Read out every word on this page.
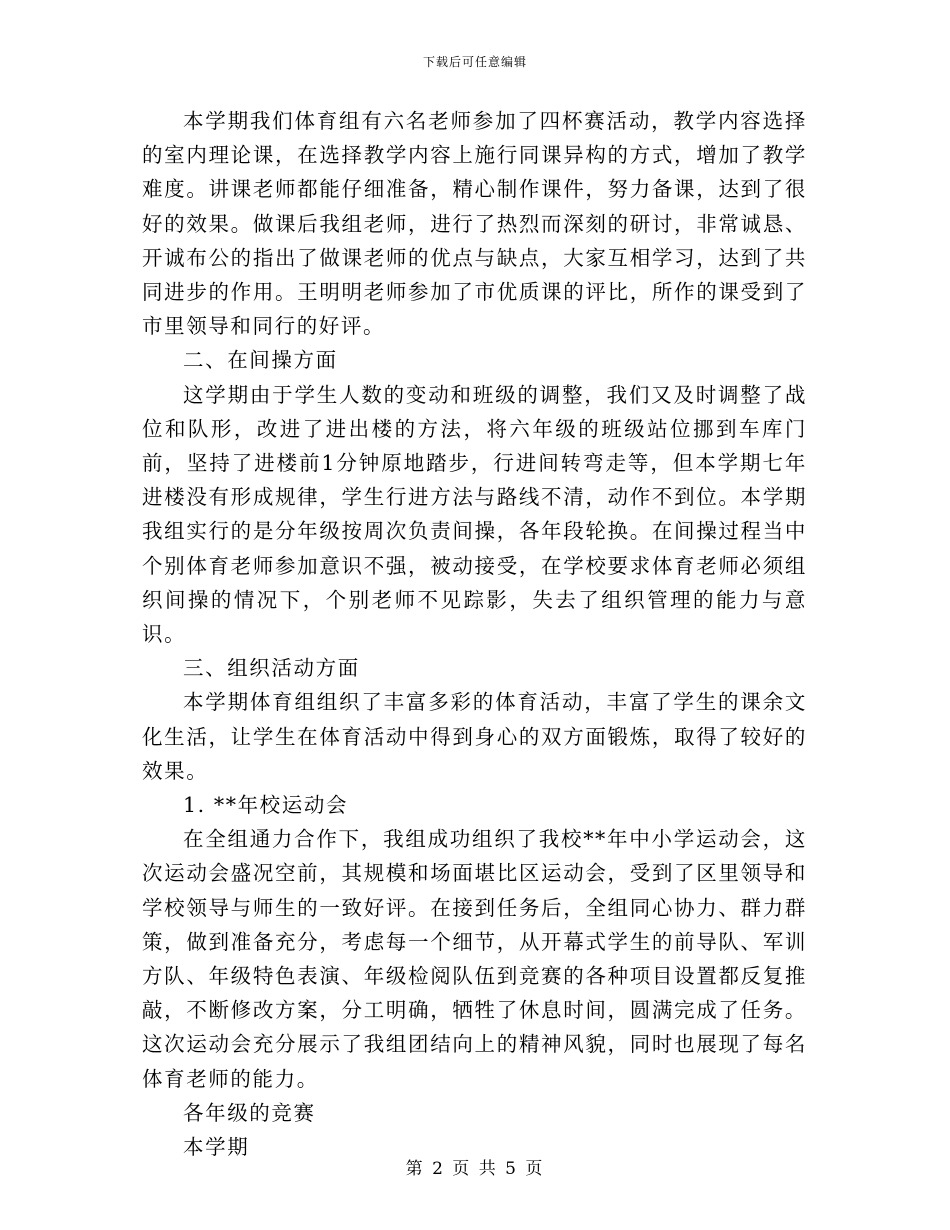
下载后可任意编辑

本学期我们体育组有六名老师参加了四杯赛活动，教学内容选择的室内理论课，在选择教学内容上施行同课异构的方式，增加了教学难度。讲课老师都能仔细准备，精心制作课件，努力备课，达到了很好的效果。做课后我组老师，进行了热烈而深刻的研讨，非常诚恳、开诚布公的指出了做课老师的优点与缺点，大家互相学习，达到了共同进步的作用。王明明老师参加了市优质课的评比，所作的课受到了市里领导和同行的好评。

二、在间操方面

这学期由于学生人数的变动和班级的调整，我们又及时调整了战位和队形，改进了进出楼的方法，将六年级的班级站位挪到车库门前，坚持了进楼前1分钟原地踏步，行进间转弯走等，但本学期七年进楼没有形成规律，学生行进方法与路线不清，动作不到位。本学期我组实行的是分年级按周次负责间操，各年段轮换。在间操过程当中个别体育老师参加意识不强，被动接受，在学校要求体育老师必须组织间操的情况下，个别老师不见踪影，失去了组织管理的能力与意识。

三、组织活动方面

本学期体育组组织了丰富多彩的体育活动，丰富了学生的课余文化生活，让学生在体育活动中得到身心的双方面锻炼，取得了较好的效果。

1. **年校运动会

在全组通力合作下，我组成功组织了我校**年中小学运动会，这次运动会盛况空前，其规模和场面堪比区运动会，受到了区里领导和学校领导与师生的一致好评。在接到任务后，全组同心协力、群力群策，做到准备充分，考虑每一个细节，从开幕式学生的前导队、军训方队、年级特色表演、年级检阅队伍到竞赛的各种项目设置都反复推敲，不断修改方案，分工明确，牺牲了休息时间，圆满完成了任务。这次运动会充分展示了我组团结向上的精神风貌，同时也展现了每名体育老师的能力。

各年级的竞赛

本学期

第 2 页 共 5 页
